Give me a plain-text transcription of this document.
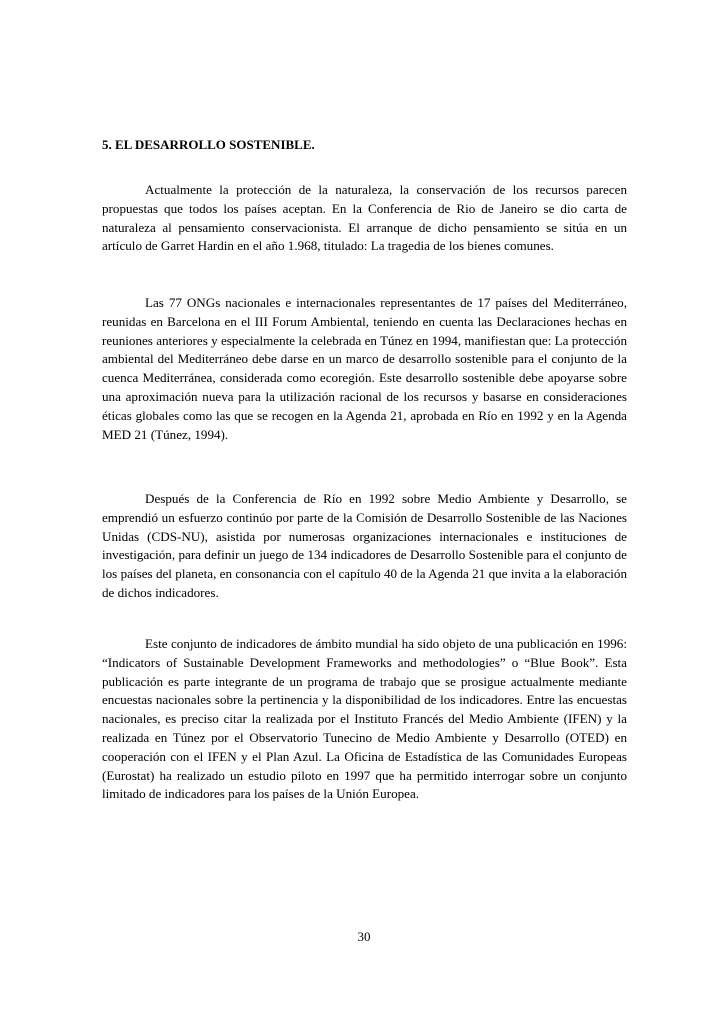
5. EL DESARROLLO SOSTENIBLE.

Actualmente la protección de la naturaleza, la conservación de los recursos parecen propuestas que todos los países aceptan. En la Conferencia de Rio de Janeiro se dio carta de naturaleza al pensamiento conservacionista. El arranque de dicho pensamiento se sitúa en un artículo de Garret Hardin en el año 1.968, titulado: La tragedia de los bienes comunes.

Las 77 ONGs nacionales e internacionales representantes de 17 países del Mediterráneo, reunidas en Barcelona en el III Forum Ambiental, teniendo en cuenta las Declaraciones hechas en reuniones anteriores y especialmente la celebrada en Túnez en 1994, manifiestan que: La protección ambiental del Mediterráneo debe darse en un marco de desarrollo sostenible para el conjunto de la cuenca Mediterránea, considerada como ecoregión. Este desarrollo sostenible debe apoyarse sobre una aproximación nueva para la utilización racional de los recursos y basarse en consideraciones éticas globales como las que se recogen en la Agenda 21, aprobada en Río en 1992 y en la Agenda MED 21 (Túnez, 1994).

Después de la Conferencia de Río en 1992 sobre Medio Ambiente y Desarrollo, se emprendió un esfuerzo continúo por parte de la Comisión de Desarrollo Sostenible de las Naciones Unidas (CDS-NU), asistida por numerosas organizaciones internacionales e instituciones de investigación, para definir un juego de 134 indicadores de Desarrollo Sostenible para el conjunto de los países del planeta, en consonancia con el capítulo 40 de la Agenda 21 que invita a la elaboración de dichos indicadores.

Este conjunto de indicadores de ámbito mundial ha sido objeto de una publicación en 1996: “Indicators of Sustainable Development Frameworks and methodologies” o “Blue Book”. Esta publicación es parte integrante de un programa de trabajo que se prosigue actualmente mediante encuestas nacionales sobre la pertinencia y la disponibilidad de los indicadores. Entre las encuestas nacionales, es preciso citar la realizada por el Instituto Francés del Medio Ambiente (IFEN) y la realizada en Túnez por el Observatorio Tunecino de Medio Ambiente y Desarrollo (OTED) en cooperación con el IFEN y el Plan Azul. La Oficina de Estadística de las Comunidades Europeas (Eurostat) ha realizado un estudio piloto en 1997 que ha permitido interrogar sobre un conjunto limitado de indicadores para los países de la Unión Europea.

30
